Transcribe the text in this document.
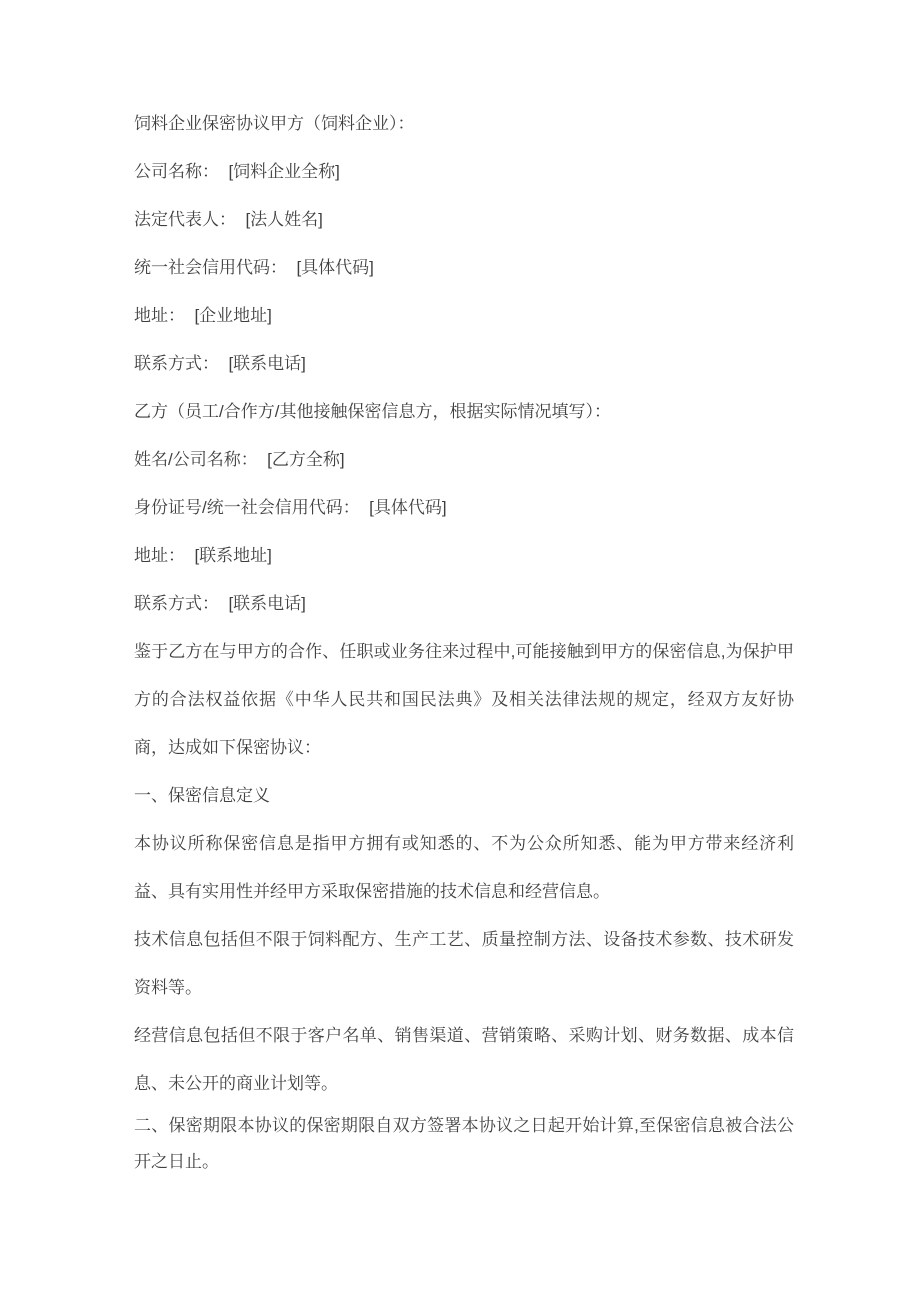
饲料企业保密协议甲方（饲料企业）：

公司名称：  [饲料企业全称]

法定代表人：  [法人姓名]

统一社会信用代码：  [具体代码]

地址：  [企业地址]

联系方式：  [联系电话]

乙方（员工/合作方/其他接触保密信息方，根据实际情况填写）：

姓名/公司名称：  [乙方全称]

身份证号/统一社会信用代码：  [具体代码]

地址：  [联系地址]

联系方式：  [联系电话]

鉴于乙方在与甲方的合作、任职或业务往来过程中,可能接触到甲方的保密信息,为保护甲方的合法权益依据《中华人民共和国民法典》及相关法律法规的规定，经双方友好协商，达成如下保密协议：

一、保密信息定义

本协议所称保密信息是指甲方拥有或知悉的、不为公众所知悉、能为甲方带来经济利益、具有实用性并经甲方采取保密措施的技术信息和经营信息。

技术信息包括但不限于饲料配方、生产工艺、质量控制方法、设备技术参数、技术研发资料等。

经营信息包括但不限于客户名单、销售渠道、营销策略、采购计划、财务数据、成本信息、未公开的商业计划等。

二、保密期限本协议的保密期限自双方签署本协议之日起开始计算,至保密信息被合法公开之日止。
